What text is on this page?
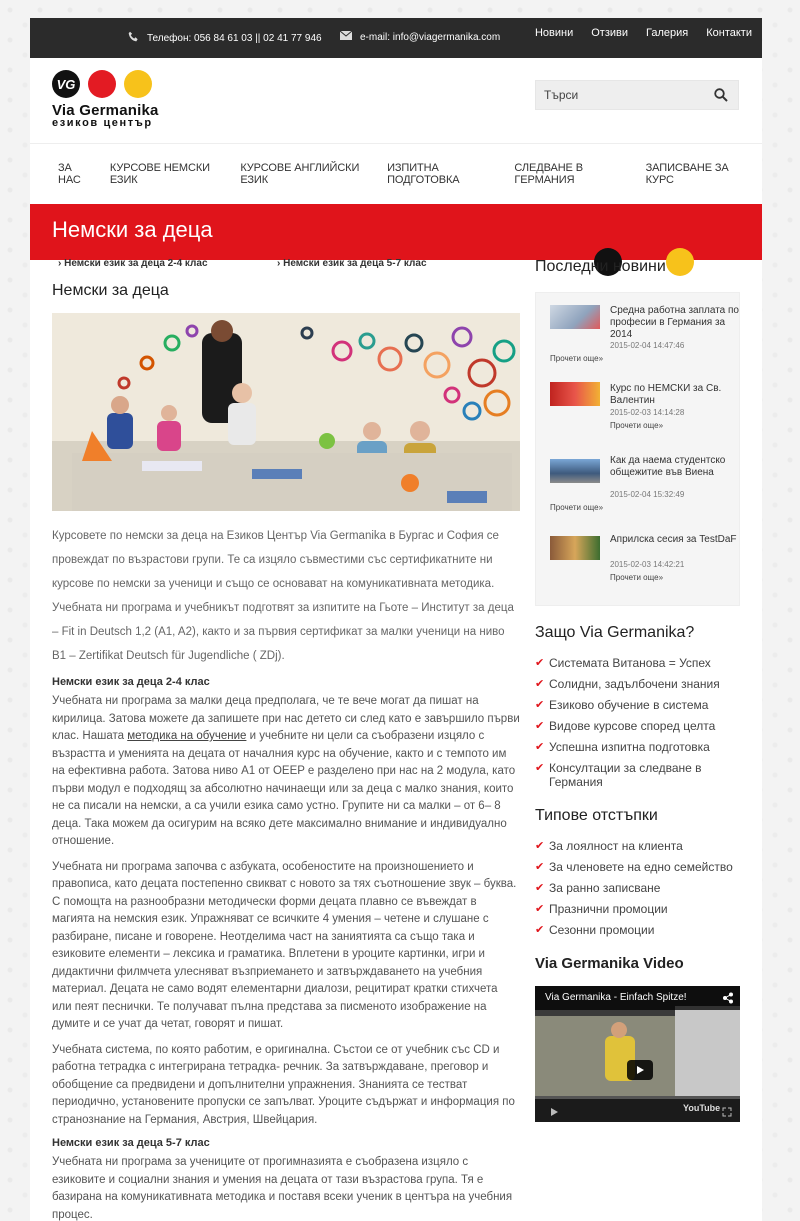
Телефон: 056 84 61 03 || 02 41 77 946	e-mail: info@viagermanika.com	Новини Отзиви Галерия Контакти
VG
Via Germanika
езиков център
Търси
ЗА НАС
КУРСОВЕ НЕМСКИ ЕЗИК
КУРСОВЕ АНГЛИЙСКИ ЕЗИК
ИЗПИТНА ПОДГОТОВКА
СЛЕДВАНЕ В ГЕРМАНИЯ
ЗАПИСВАНЕ ЗА КУРС
Немски за деца
› Немски език за деца 2-4 клас	› Немски език за деца 5-7 клас
Немски за деца

Курсовете по немски за деца на Езиков Център Via Germanika в Бургас и София се провеждат по възрастови групи. Те са изцяло съвместими със сертификатните ни курсове по немски за ученици и също се основават на комуникативната методика. Учебната ни програма и учебникът подготвят за изпитите на Гьоте – Институт за деца – Fit in Deutsch 1,2 (A1, A2), както и за първия сертификат за малки ученици на ниво B1 – Zertifikat Deutsch für Jugendliche ( ZDj).

Немски език за деца 2-4 клас

Учебната ни програма за малки деца предполага, че те вече могат да пишат на кирилица. Затова можете да запишете при нас детето си след като е завършило първи клас. Нашата методика на обучение и учебните ни цели са съобразени изцяло с възрастта и уменията на децата от началния курс на обучение, както и с темпото им на ефективна работа. Затова ниво A1 от OEEP е разделено при нас на 2 модула, като първи модул е подходящ за абсолютно начинаещи или за деца с малко знания, които не са писали на немски, а са учили езика само устно. Групите ни са малки – от 6– 8 деца. Така можем да осигурим на всяко дете максимално внимание и индивидуално отношение.

Учебната ни програма започва с азбуката, особеностите на произношението и правописа, като децата постепенно свикват с новото за тях съотношение звук – буква. С помощта на разнообразни методически форми децата плавно се въвеждат в магията на немския език. Упражняват се всичките 4 умения – четене и слушане с разбиране, писане и говорене. Неотделима част на заниятията са също така и езиковите елементи – лексика и граматика. Вплетени в уроците картинки, игри и дидактични филмчета улесняват възприемането и затвърждаването на учебния материал. Децата не само водят елементарни диалози, рецитират кратки стихчета или пеят песнички. Те получават пълна представа за писменото изображение на думите и се учат да четат, говорят и пишат.

Учебната система, по която работим, е оригинална. Състои се от учебник със CD и работна тетрадка с интегрирана тетрадка- речник. За затвърждаване, преговор и обобщение са предвидени и допълнителни упражнения. Знанията се тестват периодично, установените пропуски се запълват. Уроците съдържат и информация по странознание на Германия, Австрия, Швейцария.

Немски език за деца 5-7 клас

Учебната ни програма за учениците от прогимназията е съобразена изцяло с езиковите и социални знания и умения на децата от тази възрастова група. Тя е базирана на комуникативната методика и поставя всеки ученик в центъра на учебния процес.

Последни новини
Средна работна заплата по професии в Германия за 2014
2015-02-04 14:47:46
Прочети още»
Курс по НЕМСКИ за Св. Валентин
2015-02-03 14:14:28
Прочети още»
Как да наема студентско общежитие във Виена
2015-02-04 15:32:49
Прочети още»
Априлска сесия за TestDaF
2015-02-03 14:42:21
Прочети още»
Защо Via Germanika?
✔ Системата Витанова = Успех
✔ Солидни, задълбочени знания
✔ Езиково обучение в система
✔ Видове курсове според целта
✔ Успешна изпитна подготовка
✔ Консултации за следване в Германия
Типове отстъпки
✔ За лоялност на клиента
✔ За членовете на едно семейство
✔ За ранно записване
✔ Празнични промоции
✔ Сезонни промоции
Via Germanika Video
Via Germanika - Einfach Spitze!
YouTube
